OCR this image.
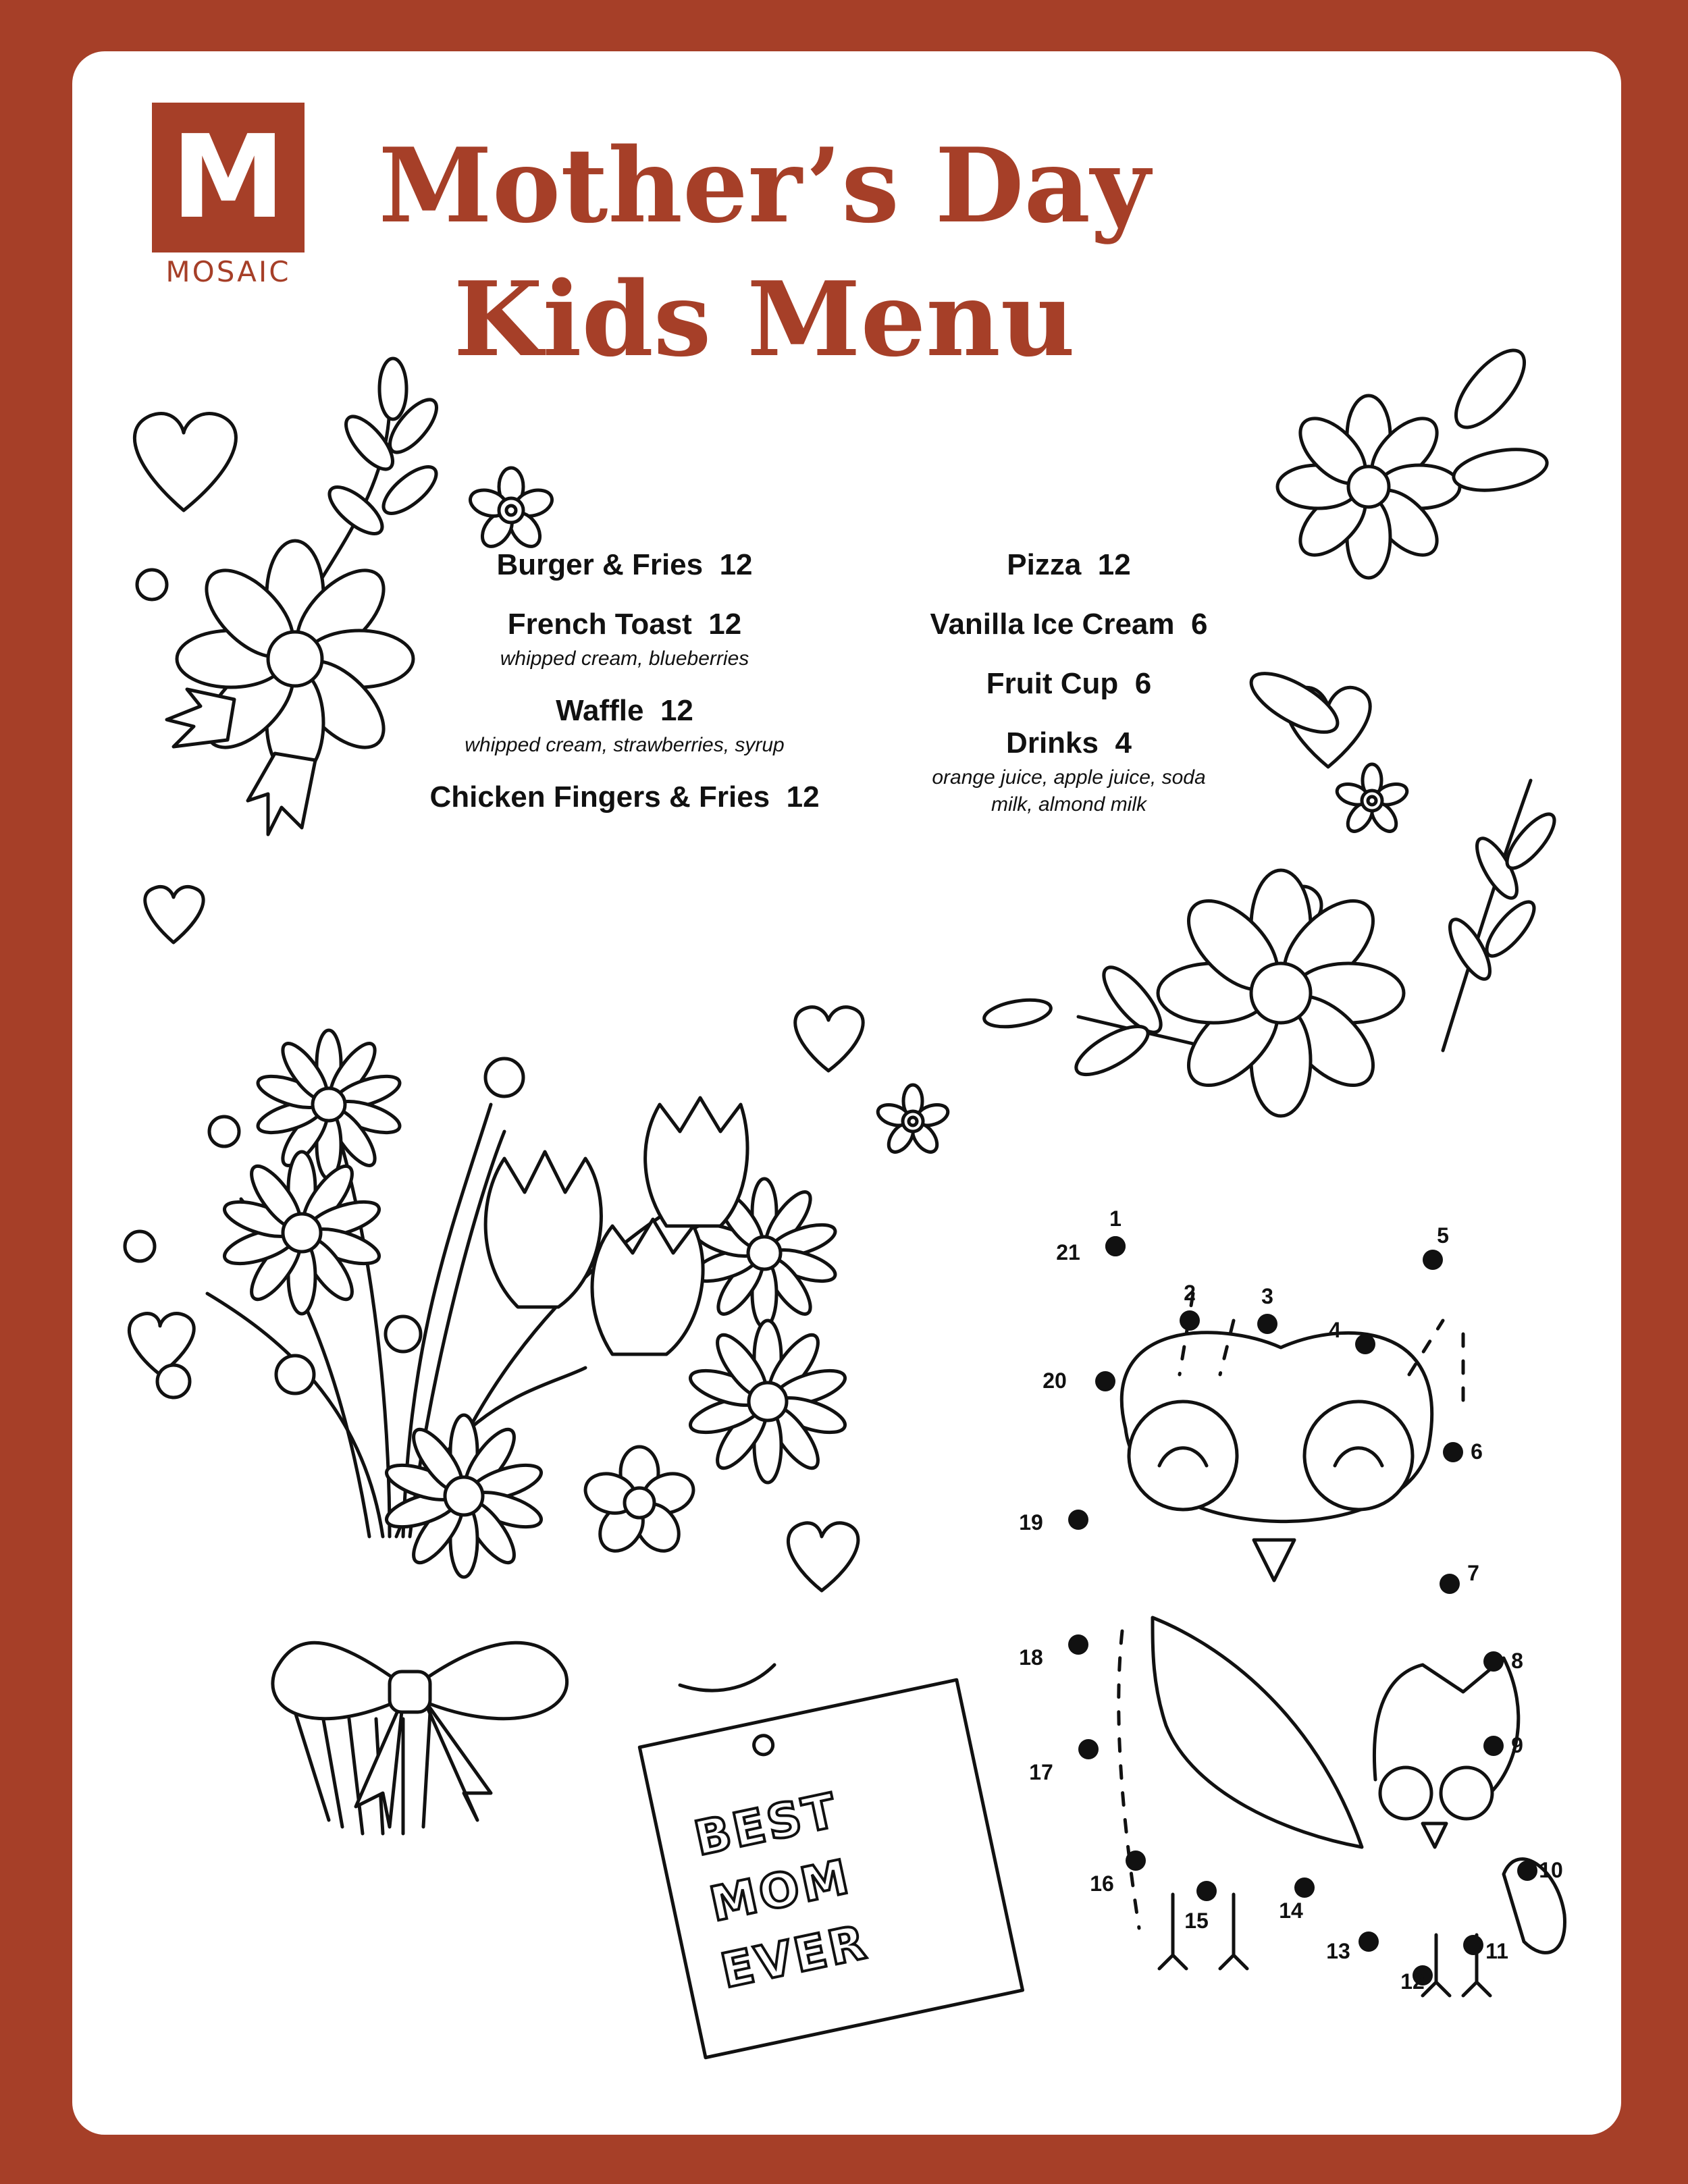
BEST
MOM
EVER
1
2	3
4
5
6
7
8
9
10
11
12
13
14
15
16
17
18
19
20
21
M
MOSAIC
Mother’s Day
Kids Menu
Burger & Fries 12
French Toast 12
whipped cream, blueberries
Waffle 12
whipped cream, strawberries, syrup
Chicken Fingers & Fries 12
Pizza 12
Vanilla Ice Cream 6
Fruit Cup 6
Drinks 4
orange juice, apple juice, soda
milk, almond milk
